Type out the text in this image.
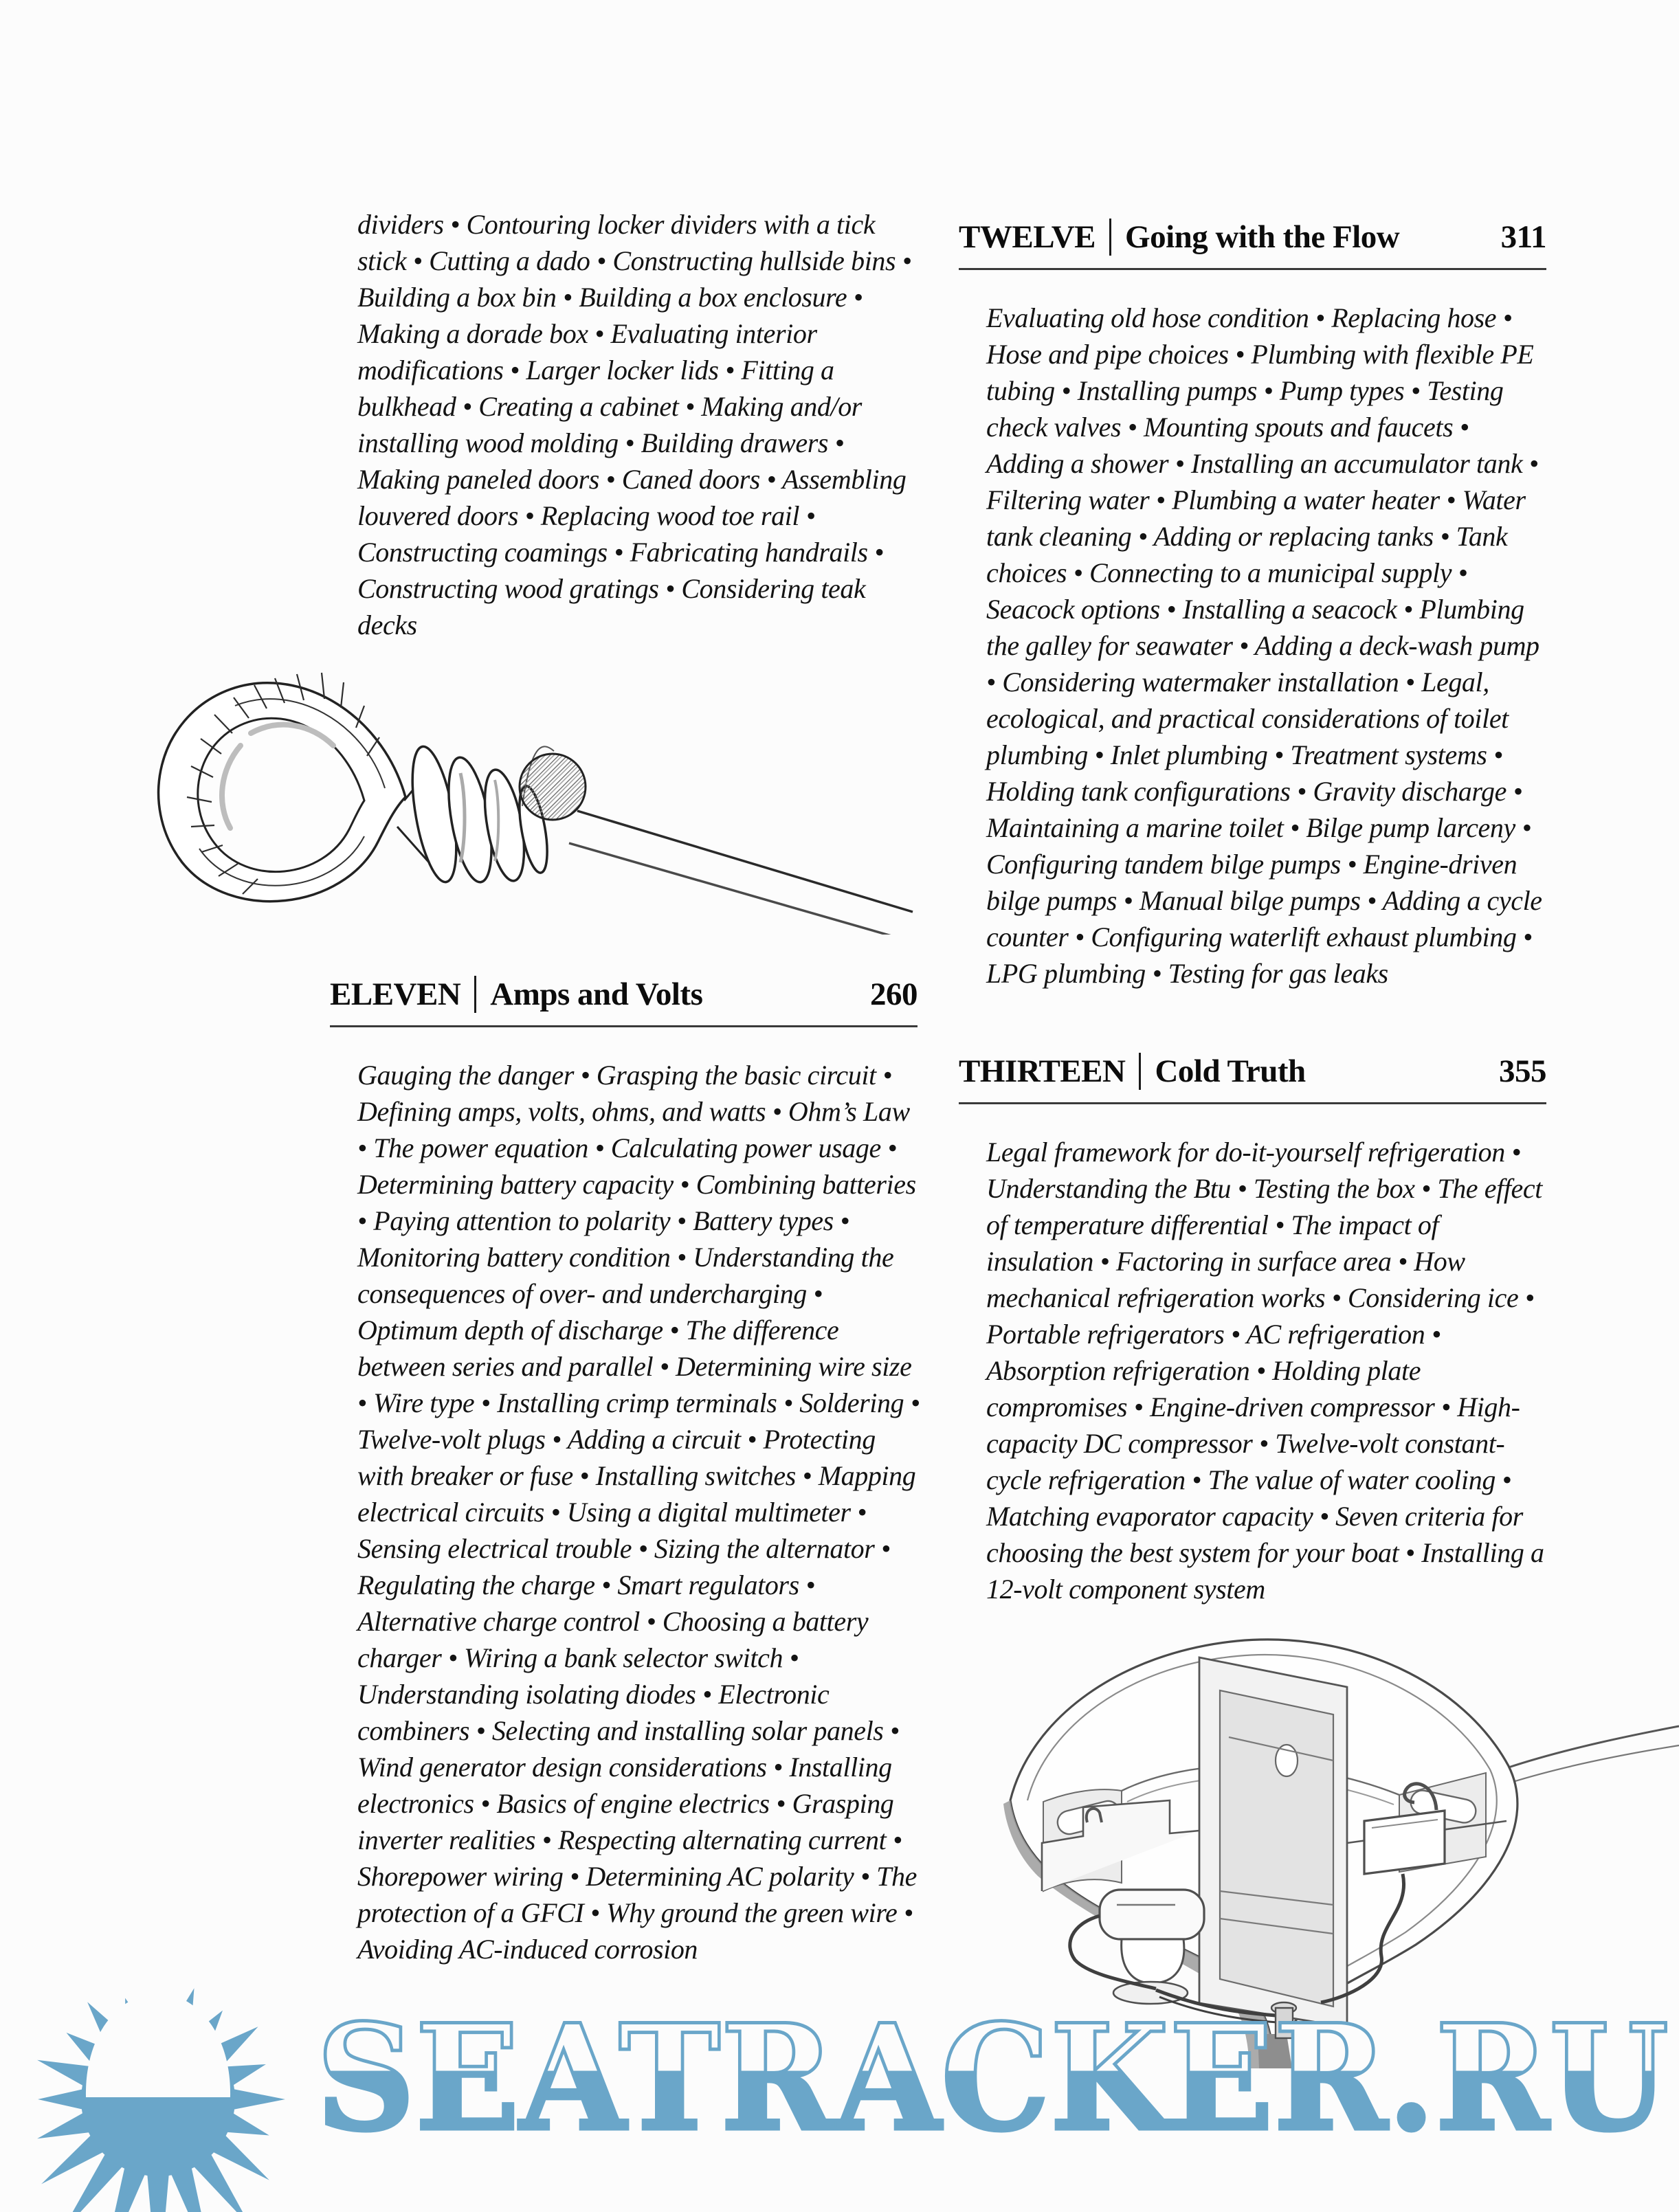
dividers • Contouring locker dividers with a tick stick • Cutting a dado • Constructing hullside bins • Building a box bin • Building a box enclosure • Making a dorade box • Evaluating interior modifications • Larger locker lids • Fitting a bulkhead • Creating a cabinet • Making and/or installing wood molding • Building drawers • Making paneled doors • Caned doors • Assembling louvered doors • Replacing wood toe rail • Constructing coamings • Fabricating handrails • Constructing wood gratings • Considering teak decks

ELEVEN Amps and Volts	260

Gauging the danger • Grasping the basic circuit • Defining amps, volts, ohms, and watts • Ohm’s Law • The power equation • Calculating power usage • Determining battery capacity • Combining batteries • Paying attention to polarity • Battery types • Monitoring battery condition • Understanding the consequences of over- and undercharging • Optimum depth of discharge • The difference between series and parallel • Determining wire size • Wire type • Installing crimp terminals • Soldering • Twelve-volt plugs • Adding a circuit • Protecting with breaker or fuse • Installing switches • Mapping electrical circuits • Using a digital multimeter • Sensing electrical trouble • Sizing the alternator • Regulating the charge • Smart regulators • Alternative charge control • Choosing a battery charger • Wiring a bank selector switch • Understanding isolating diodes • Electronic combiners • Selecting and installing solar panels • Wind generator design considerations • Installing electronics • Basics of engine electrics • Grasping inverter realities • Respecting alternating current • Shorepower wiring • Determining AC polarity • The protection of a GFCI • Why ground the green wire • Avoiding AC-induced corrosion

TWELVE Going with the Flow	311

Evaluating old hose condition • Replacing hose • Hose and pipe choices • Plumbing with flexible PE tubing • Installing pumps • Pump types • Testing check valves • Mounting spouts and faucets • Adding a shower • Installing an accumulator tank • Filtering water • Plumbing a water heater • Water tank cleaning • Adding or replacing tanks • Tank choices • Connecting to a municipal supply • Seacock options • Installing a seacock • Plumbing the galley for seawater • Adding a deck-wash pump • Considering watermaker installation • Legal, ecological, and practical considerations of toilet plumbing • Inlet plumbing • Treatment systems • Holding tank configurations • Gravity discharge • Maintaining a marine toilet • Bilge pump larceny • Configuring tandem bilge pumps • Engine-driven bilge pumps • Manual bilge pumps • Adding a cycle counter • Configuring waterlift exhaust plumbing • LPG plumbing • Testing for gas leaks

THIRTEEN Cold Truth	355

Legal framework for do-it-yourself refrigeration • Understanding the Btu • Testing the box • The effect of temperature differential • The impact of insulation • Factoring in surface area • How mechanical refrigeration works • Considering ice • Portable refrigerators • AC refrigeration • Absorption refrigeration • Holding plate compromises • Engine-driven compressor • High-capacity DC compressor • Twelve-volt constant-cycle refrigeration • The value of water cooling • Matching evaporator capacity • Seven criteria for choosing the best system for your boat • Installing a 12-volt component system

SEATRACKER.RU
